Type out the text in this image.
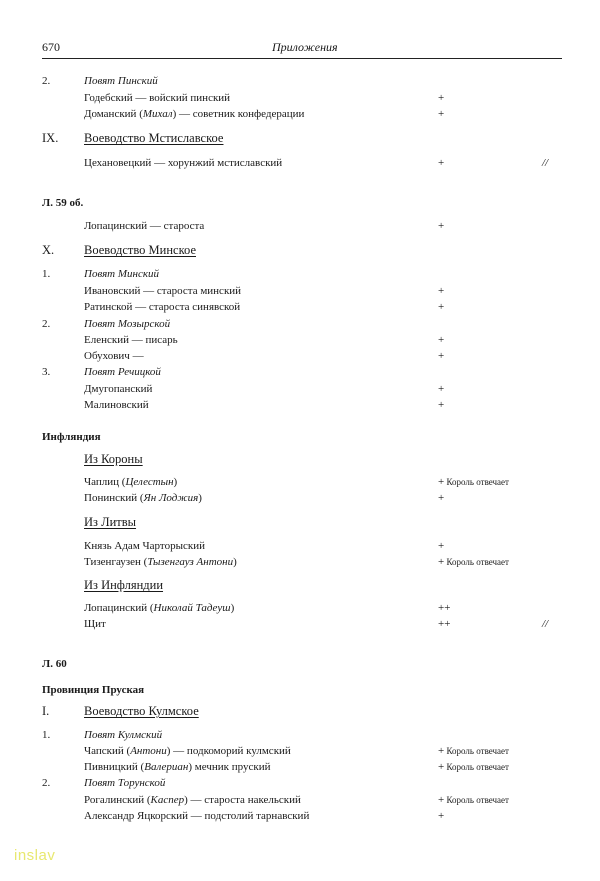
670	Приложения
inslav
2.	Повят Пинский
Годебский — войский пинский	+
Доманский (Михал) — советник конфедерации	+
IX. Воеводство Мстиславское
Цехановецкий — хорунжий мстиславский	+	//
Л. 59 об.
Лопацинский — староста	+
X. Воеводство Минское
1.	Повят Минский
Ивановский — староста минский	+
Ратинской — староста синявской	+
2.	Повят Мозырской
Еленский — писарь	+
Обухович —	+
3.	Повят Речицкой
Дмугопанский	+
Малиновский	+
Инфляндия
Из Короны
Чаплиц (Целестын)	+ Король отвечает
Понинский (Ян Лоджия)	+
Из Литвы
Князь Адам Чарторыский	+
Тизенгаузен (Тызенгауз Антони)	+ Король отвечает
Из Инфляндии
Лопацинский (Николай Тадеуш)	++
Щит	++	//
Л. 60
Провинция Пруская
I.	Воеводство Кулмское
1.	Повят Кулмский
Чапский (Антони) — подкоморий кулмский	+ Король отвечает
Пивницкий (Валериан) мечник пруский	+ Король отвечает
2.	Повят Торунской
Рогалинский (Каспер) — староста накельский	+ Король отвечает
Александр Яцкорский — подстолий тарнавский	+
